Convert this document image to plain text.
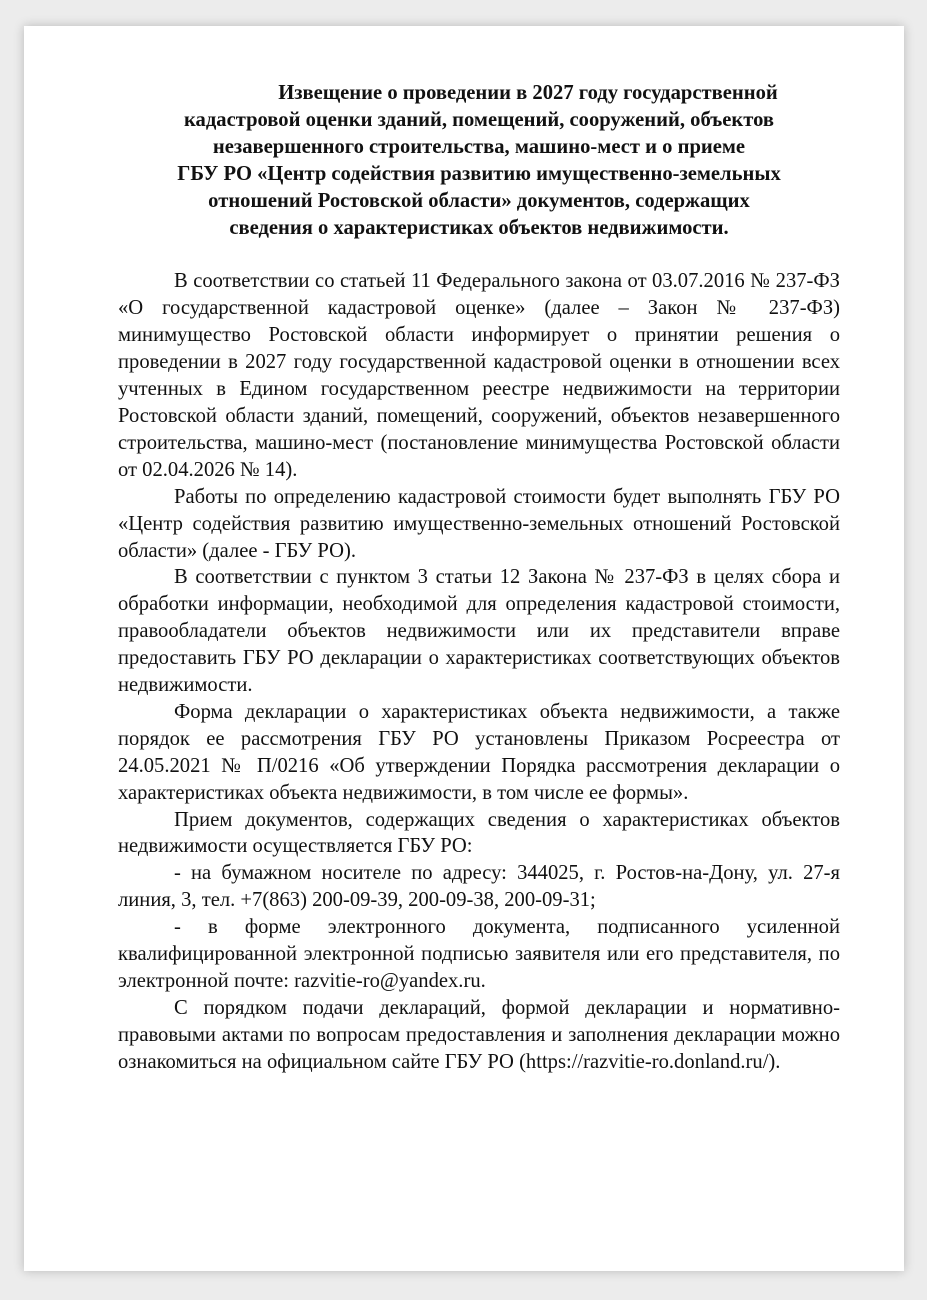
Извещение о проведении в 2027 году государственной
кадастровой оценки зданий, помещений, сооружений, объектов
незавершенного строительства, машино-мест и о приеме
ГБУ РО «Центр содействия развитию имущественно-земельных
отношений Ростовской области» документов, содержащих
сведения о характеристиках объектов недвижимости.

В соответствии со статьей 11 Федерального закона от 03.07.2016 № 237-ФЗ «О государственной кадастровой оценке» (далее – Закон № 237-ФЗ) минимущество Ростовской области информирует о принятии решения о проведении в 2027 году государственной кадастровой оценки в отношении всех учтенных в Едином государственном реестре недвижимости на территории Ростовской области зданий, помещений, сооружений, объектов незавершенного строительства, машино-мест (постановление минимущества Ростовской области от 02.04.2026 № 14).

Работы по определению кадастровой стоимости будет выполнять ГБУ РО «Центр содействия развитию имущественно-земельных отношений Ростовской области» (далее - ГБУ РО).

В соответствии с пунктом 3 статьи 12 Закона № 237-ФЗ в целях сбора и обработки информации, необходимой для определения кадастровой стоимости, правообладатели объектов недвижимости или их представители вправе предоставить ГБУ РО декларации о характеристиках соответствующих объектов недвижимости.

Форма декларации о характеристиках объекта недвижимости, а также порядок ее рассмотрения ГБУ РО установлены Приказом Росреестра от 24.05.2021 № П/0216 «Об утверждении Порядка рассмотрения декларации о характеристиках объекта недвижимости, в том числе ее формы».

Прием документов, содержащих сведения о характеристиках объектов недвижимости осуществляется ГБУ РО:

- на бумажном носителе по адресу: 344025, г. Ростов-на-Дону, ул. 27-я линия, 3, тел. +7(863) 200-09-39, 200-09-38, 200-09-31;

- в форме электронного документа, подписанного усиленной квалифицированной электронной подписью заявителя или его представителя, по электронной почте: razvitie-ro@yandex.ru.

С порядком подачи деклараций, формой декларации и нормативно-правовыми актами по вопросам предоставления и заполнения декларации можно ознакомиться на официальном сайте ГБУ РО (https://razvitie-ro.donland.ru/).
